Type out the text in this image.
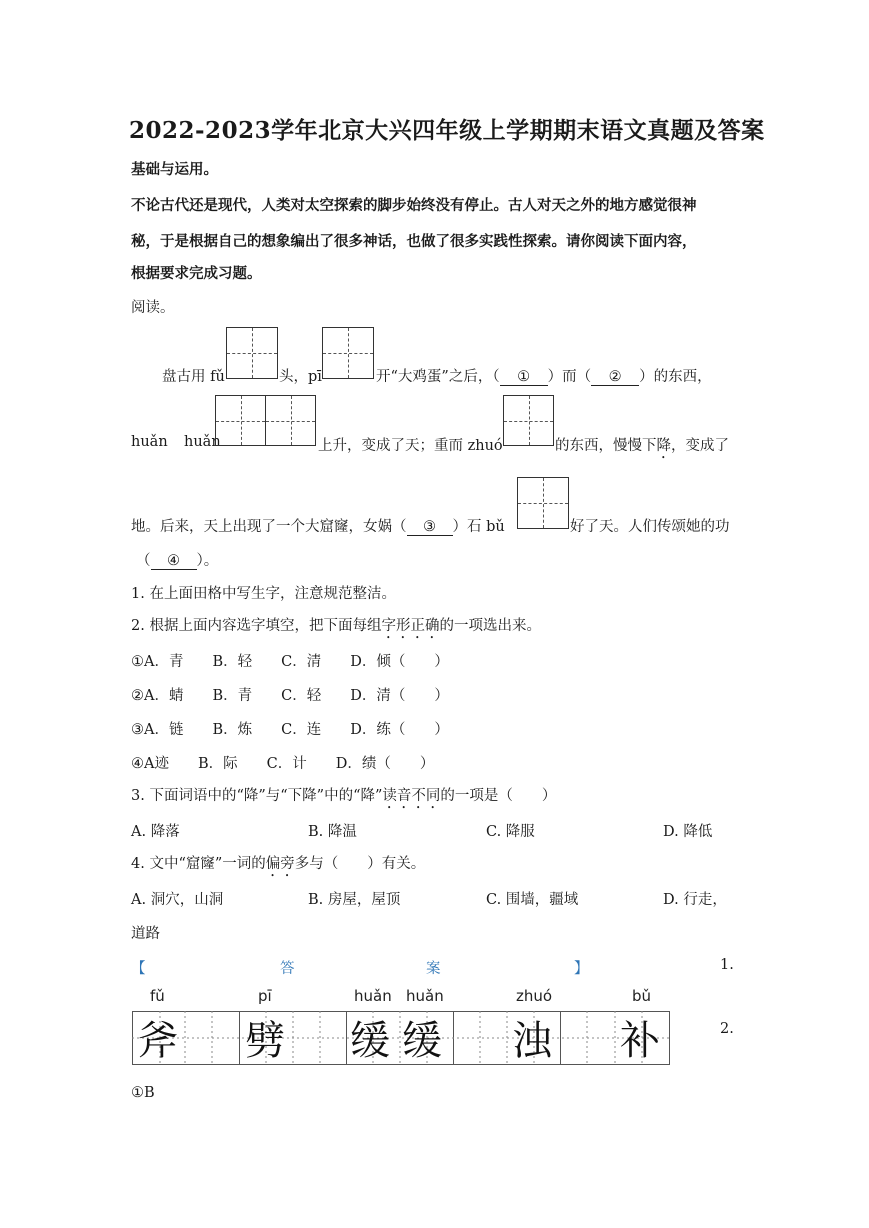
2022-2023学年北京大兴四年级上学期期末语文真题及答案
基础与运用。
不论古代还是现代，人类对太空探索的脚步始终没有停止。古人对天之外的地方感觉很神
秘，于是根据自己的想象编出了很多神话，也做了很多实践性探索。请你阅读下面内容，
根据要求完成习题。
阅读。
盘古用 fǔ	头，pī	开“大鸡蛋”之后，（ ① ）而（ ② ）的东西，
huǎn huǎn	上升，变成了天；重而 zhuó	的东西，慢慢下降，变成了
地。后来，天上出现了一个大窟窿，女娲（ ③ ）石 bǔ	好了天。人们传颂她的功
（ ④ ）。
1. 在上面田格中写生字，注意规范整洁。
2. 根据上面内容选字填空，把下面每组字形正确的一项选出来。
①A．青　　B．轻　　C．清　　D．倾（　　）
②A．蜻　　B．青　　C．轻　　D．清（　　）
③A．链　　B．炼　　C．连　　D．练（　　）
④A迹　　B．际　　C．计　　D．绩（　　）
3. 下面词语中的“降”与“下降”中的“降”读音不同的一项是（　　）
A. 降落	B. 降温	C. 降服	D. 降低
4. 文中“窟窿”一词的偏旁多与（　　）有关。
A. 洞穴，山洞	B. 房屋，屋顶	C. 围墙，疆域	D. 行走，
道路
【	答	案	】	1.
2.
fǔ	pī	huǎn huǎn	zhuó	bǔ
斧 劈 缓 缓 浊 补
①B
